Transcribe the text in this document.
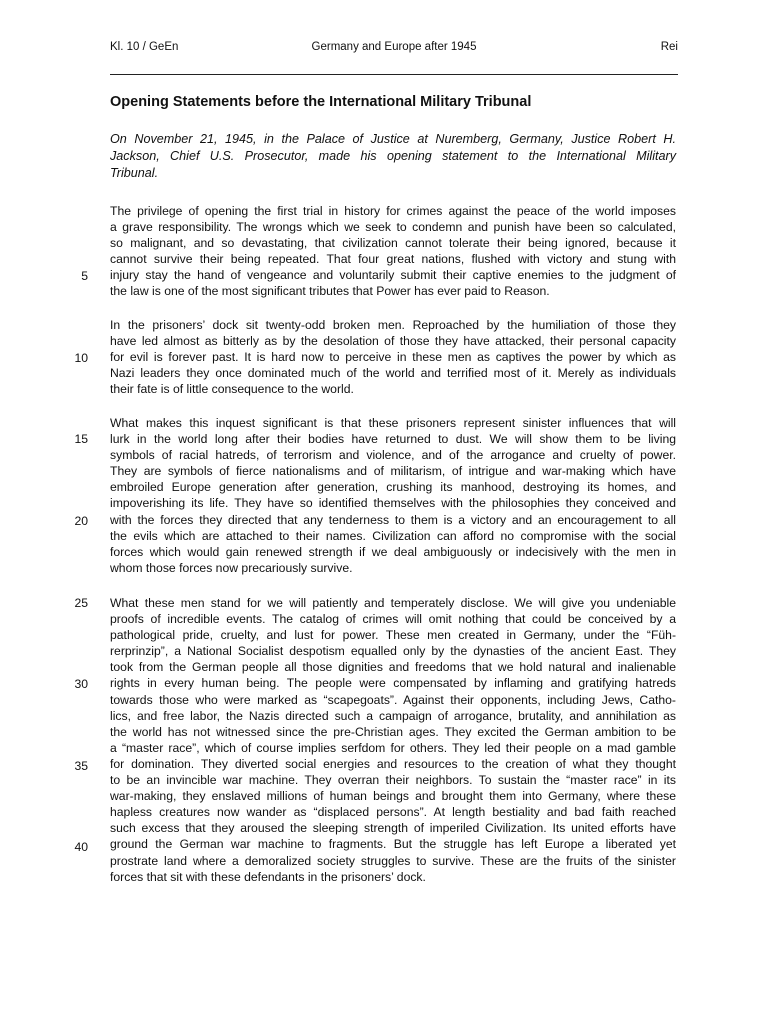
Kl. 10 / GeEn	Germany and Europe after 1945	Rei
Opening Statements before the International Military Tribunal
On November 21, 1945, in the Palace of Justice at Nuremberg, Germany, Justice Robert H.
Jackson, Chief U.S. Prosecutor, made his opening statement to the International Military
Tribunal.
The privilege of opening the first trial in history for crimes against the peace of the world imposes
a grave responsibility. The wrongs which we seek to condemn and punish have been so calculated,
so malignant, and so devastating, that civilization cannot tolerate their being ignored, because it
cannot survive their being repeated. That four great nations, flushed with victory and stung with
injury stay the hand of vengeance and voluntarily submit their captive enemies to the judgment of
the law is one of the most significant tributes that Power has ever paid to Reason.
In the prisoners’ dock sit twenty-odd broken men. Reproached by the humiliation of those they
have led almost as bitterly as by the desolation of those they have attacked, their personal capacity
for evil is forever past. It is hard now to perceive in these men as captives the power by which as
Nazi leaders they once dominated much of the world and terrified most of it. Merely as individuals
their fate is of little consequence to the world.
What makes this inquest significant is that these prisoners represent sinister influences that will
lurk in the world long after their bodies have returned to dust. We will show them to be living
symbols of racial hatreds, of terrorism and violence, and of the arrogance and cruelty of power.
They are symbols of fierce nationalisms and of militarism, of intrigue and war-making which have
embroiled Europe generation after generation, crushing its manhood, destroying its homes, and
impoverishing its life. They have so identified themselves with the philosophies they conceived and
with the forces they directed that any tenderness to them is a victory and an encouragement to all
the evils which are attached to their names. Civilization can afford no compromise with the social
forces which would gain renewed strength if we deal ambiguously or indecisively with the men in
whom those forces now precariously survive.
What these men stand for we will patiently and temperately disclose. We will give you undeniable
proofs of incredible events. The catalog of crimes will omit nothing that could be conceived by a
pathological pride, cruelty, and lust for power. These men created in Germany, under the “Füh-
rerprinzip”, a National Socialist despotism equalled only by the dynasties of the ancient East. They
took from the German people all those dignities and freedoms that we hold natural and inalienable
rights in every human being. The people were compensated by inflaming and gratifying hatreds
towards those who were marked as “scapegoats”. Against their opponents, including Jews, Catho-
lics, and free labor, the Nazis directed such a campaign of arrogance, brutality, and annihilation as
the world has not witnessed since the pre-Christian ages. They excited the German ambition to be
a “master race”, which of course implies serfdom for others. They led their people on a mad gamble
for domination. They diverted social energies and resources to the creation of what they thought
to be an invincible war machine. They overran their neighbors. To sustain the “master race” in its
war-making, they enslaved millions of human beings and brought them into Germany, where these
hapless creatures now wander as “displaced persons”. At length bestiality and bad faith reached
such excess that they aroused the sleeping strength of imperiled Civilization. Its united efforts have
ground the German war machine to fragments. But the struggle has left Europe a liberated yet
prostrate land where a demoralized society struggles to survive. These are the fruits of the sinister
forces that sit with these defendants in the prisoners’ dock.
5
10
15
20
25
30
35
40
